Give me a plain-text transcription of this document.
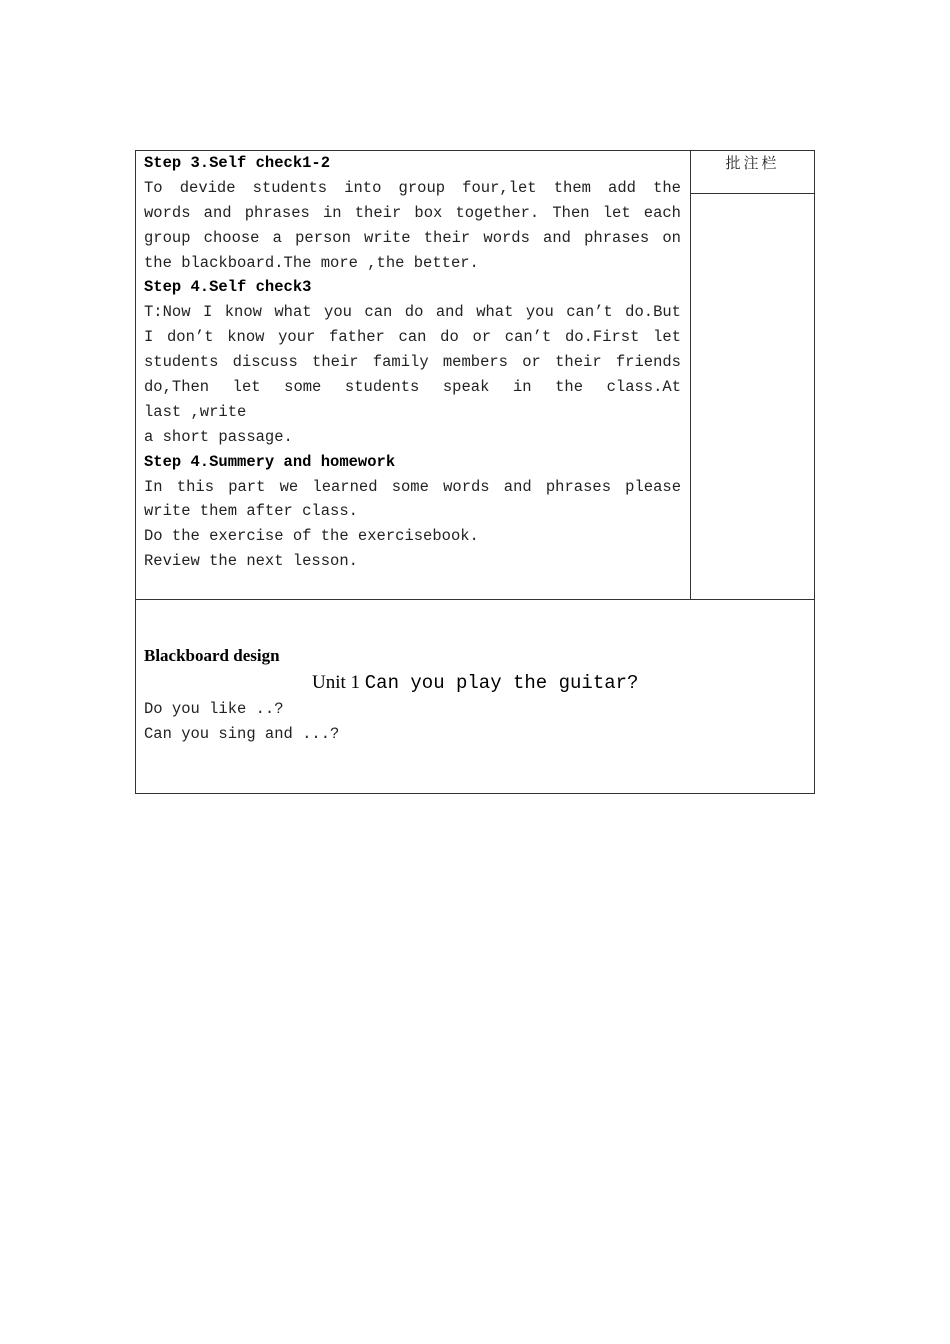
批注栏
Step 3.Self check1-2
To devide students into group four,let them add the
words and phrases in their box together. Then let each
group choose a person write their words and phrases on
the blackboard.The more ,the better.
Step 4.Self check3
T:Now I know what you can do and what you can’t do.But
I don’t know your father can do or can’t do.First let
students discuss their family members or their friends
do,Then let some students speak in the class.At
last ,write
a short passage.
Step 4.Summery and homework
In this part we learned some words and phrases please
write them after class.
Do the exercise of the exercisebook.
Review the next lesson.
Blackboard design
Unit 1 Can you play the guitar?
Do you like ..?
Can you sing and ...?
